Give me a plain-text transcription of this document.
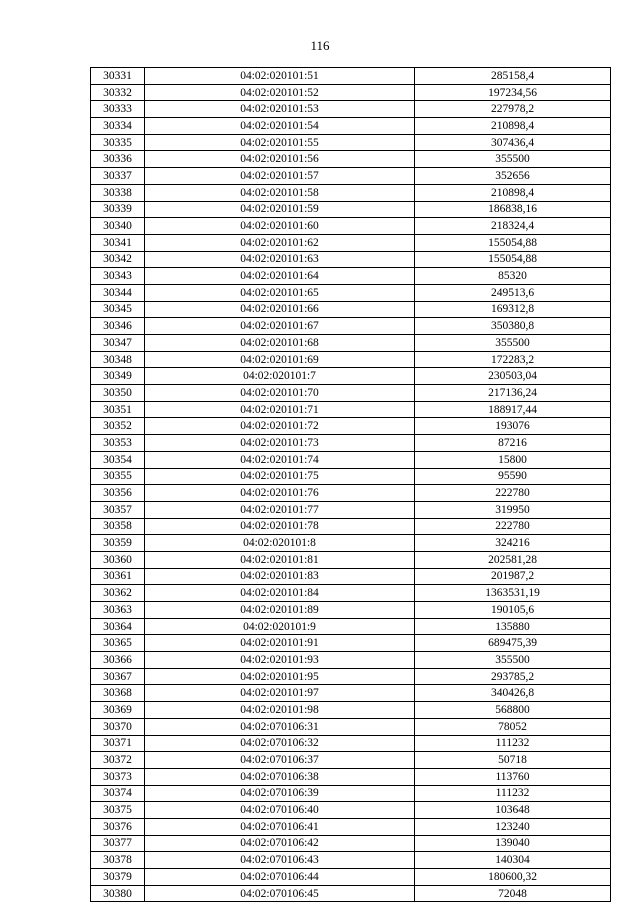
116
30331	04:02:020101:51	285158,4
30332	04:02:020101:52	197234,56
30333	04:02:020101:53	227978,2
30334	04:02:020101:54	210898,4
30335	04:02:020101:55	307436,4
30336	04:02:020101:56	355500
30337	04:02:020101:57	352656
30338	04:02:020101:58	210898,4
30339	04:02:020101:59	186838,16
30340	04:02:020101:60	218324,4
30341	04:02:020101:62	155054,88
30342	04:02:020101:63	155054,88
30343	04:02:020101:64	85320
30344	04:02:020101:65	249513,6
30345	04:02:020101:66	169312,8
30346	04:02:020101:67	350380,8
30347	04:02:020101:68	355500
30348	04:02:020101:69	172283,2
30349	04:02:020101:7	230503,04
30350	04:02:020101:70	217136,24
30351	04:02:020101:71	188917,44
30352	04:02:020101:72	193076
30353	04:02:020101:73	87216
30354	04:02:020101:74	15800
30355	04:02:020101:75	95590
30356	04:02:020101:76	222780
30357	04:02:020101:77	319950
30358	04:02:020101:78	222780
30359	04:02:020101:8	324216
30360	04:02:020101:81	202581,28
30361	04:02:020101:83	201987,2
30362	04:02:020101:84	1363531,19
30363	04:02:020101:89	190105,6
30364	04:02:020101:9	135880
30365	04:02:020101:91	689475,39
30366	04:02:020101:93	355500
30367	04:02:020101:95	293785,2
30368	04:02:020101:97	340426,8
30369	04:02:020101:98	568800
30370	04:02:070106:31	78052
30371	04:02:070106:32	111232
30372	04:02:070106:37	50718
30373	04:02:070106:38	113760
30374	04:02:070106:39	111232
30375	04:02:070106:40	103648
30376	04:02:070106:41	123240
30377	04:02:070106:42	139040
30378	04:02:070106:43	140304
30379	04:02:070106:44	180600,32
30380	04:02:070106:45	72048
